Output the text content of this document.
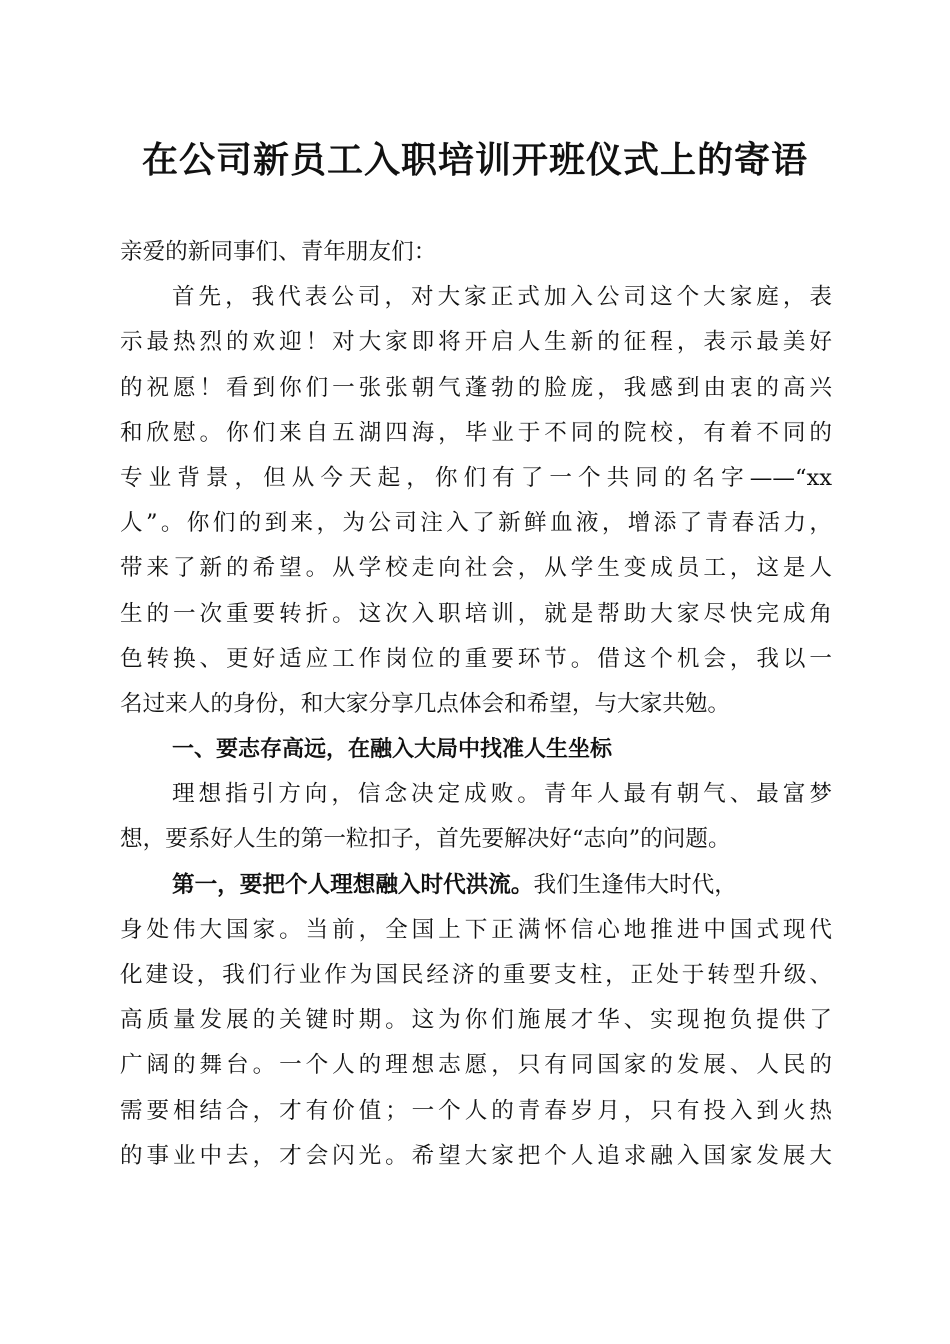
在公司新员工入职培训开班仪式上的寄语
亲爱的新同事们、青年朋友们：
首先，我代表公司，对大家正式加入公司这个大家庭，表
示最热烈的欢迎！对大家即将开启人生新的征程，表示最美好
的祝愿！看到你们一张张朝气蓬勃的脸庞，我感到由衷的高兴
和欣慰。你们来自五湖四海，毕业于不同的院校，有着不同的
专业背景，但从今天起，你们有了一个共同的名字——“xx
人”。你们的到来，为公司注入了新鲜血液，增添了青春活力，
带来了新的希望。从学校走向社会，从学生变成员工，这是人
生的一次重要转折。这次入职培训，就是帮助大家尽快完成角
色转换、更好适应工作岗位的重要环节。借这个机会，我以一
名过来人的身份，和大家分享几点体会和希望，与大家共勉。
一、要志存高远，在融入大局中找准人生坐标
理想指引方向，信念决定成败。青年人最有朝气、最富梦
想，要系好人生的第一粒扣子，首先要解决好“志向”的问题。
第一，要把个人理想融入时代洪流。我们生逢伟大时代，
身处伟大国家。当前，全国上下正满怀信心地推进中国式现代
化建设，我们行业作为国民经济的重要支柱，正处于转型升级、
高质量发展的关键时期。这为你们施展才华、实现抱负提供了
广阔的舞台。一个人的理想志愿，只有同国家的发展、人民的
需要相结合，才有价值；一个人的青春岁月，只有投入到火热
的事业中去，才会闪光。希望大家把个人追求融入国家发展大
